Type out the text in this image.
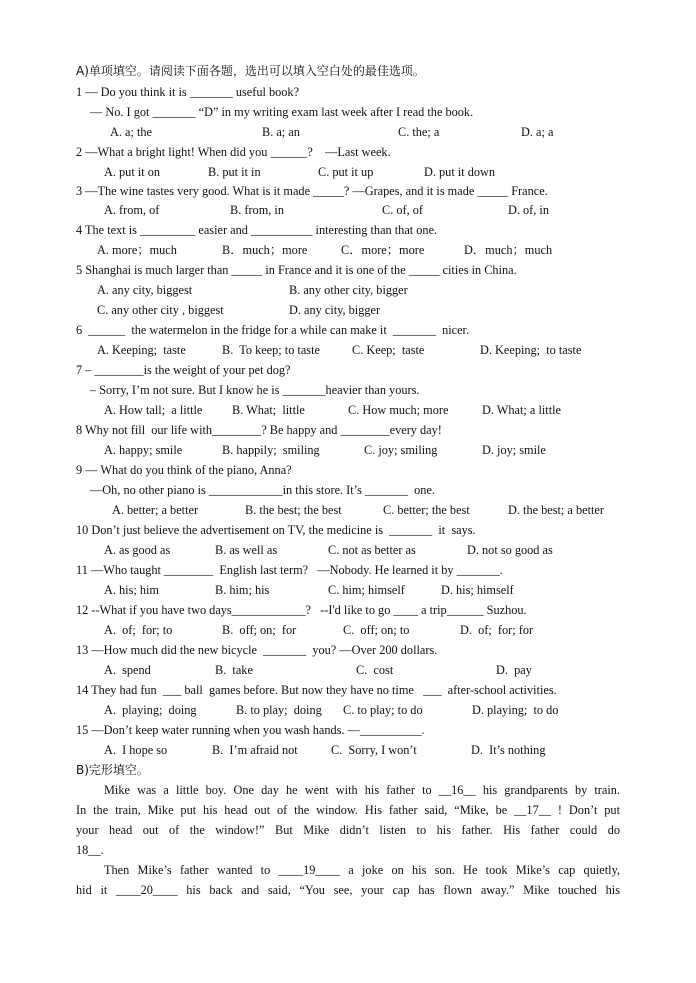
A)单项填空。请阅读下面各题，选出可以填入空白处的最佳选项。
1 — Do you think it is _______ useful book?
— No. I got _______ “D” in my writing exam last week after I read the book.
A. a; the	B. a; an	C. the; a	D. a; a
2 —What a bright light! When did you ______?    —Last week.
A. put it on	B. put it in	C. put it up	D. put it down
3 —The wine tastes very good. What is it made _____? —Grapes, and it is made _____ France.
A. from, of	B. from, in	C. of, of	D. of, in
4 The text is _________ easier and __________ interesting than that one.
A. more；much	B．much；more	C．more；more	D．much；much
5 Shanghai is much larger than _____ in France and it is one of the _____ cities in China.
A. any city, biggest	B. any other city, bigger
C. any other city , biggest	D. any city, bigger
6  ______  the watermelon in the fridge for a while can make it  _______  nicer.
A. Keeping;  taste	B.  To keep; to taste	C. Keep;  taste	D. Keeping;  to taste
7 – ________is the weight of your pet dog?
– Sorry, I’m not sure. But I know he is _______heavier than yours.
A. How tall;  a little B. What;  little	C. How much; more	D. What; a little
8 Why not fill  our life with________? Be happy and ________every day!
A. happy; smile	B. happily;  smiling	C. joy; smiling	D. joy; smile
9 — What do you think of the piano, Anna?
—Oh, no other piano is ____________in this store. It’s _______  one.
A. better; a better	B. the best; the best	C. better; the best	D. the best; a better
10 Don’t just believe the advertisement on TV, the medicine is  _______  it  says.
A. as good as	B. as well as	C. not as better as	D. not so good as
11 —Who taught ________  English last term?   —Nobody. He learned it by _______.
A. his; him	B. him; his	C. him; himself	D. his; himself
12 --What if you have two days____________?   --I'd like to go ____ a trip______ Suzhou.
A.  of;  for; to	B.  off; on;  for	C.  off; on; to	D.  of;  for; for
13 —How much did the new bicycle  _______  you? —Over 200 dollars.
A.  spend	B.  take	C.  cost	D.  pay
14 They had fun  ___ ball  games before. But now they have no time   ___  after-school activities.
A.  playing;  doing	B. to play;  doing C. to play; to do	D. playing;  to do
15 —Don’t keep water running when you wash hands. —__________.
A.  I hope so	B.  I’m afraid not	C.  Sorry, I won’t	D.  It’s nothing
B)完形填空。
Mike was a little boy. One day he went with his father to __16__ his grandparents by train.
In the train, Mike put his head out of the window. His father said, “Mike, be __17__ ! Don’t put
your head out of the window!” But Mike didn’t listen to his father. His father could do
18__.
Then Mike’s father wanted to ____19____ a joke on his son. He took Mike’s cap quietly,
hid it ____20____ his back and said, “You see, your cap has flown away.” Mike touched his
